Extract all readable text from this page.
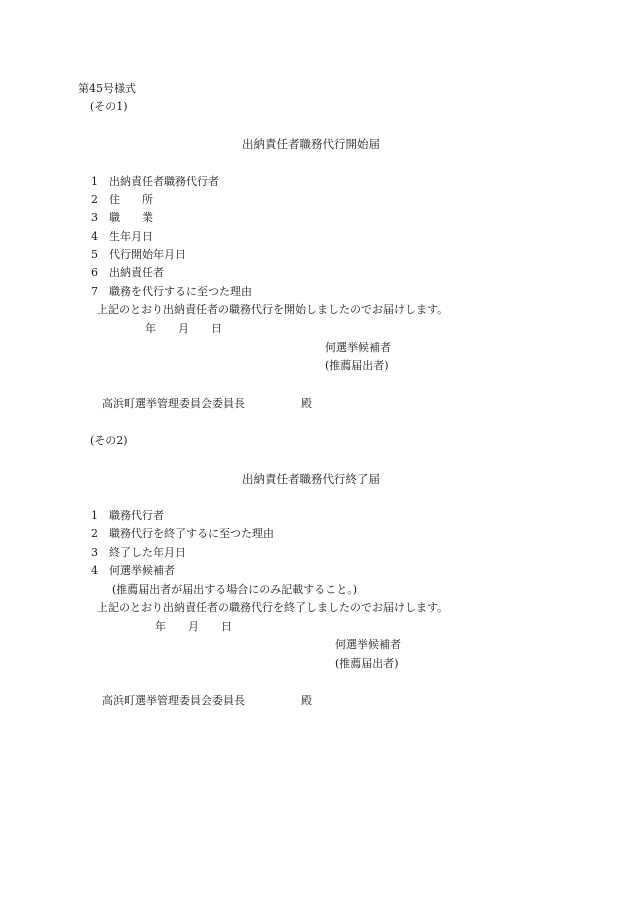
第45号様式

(その1)

出納責任者職務代行開始届

1 出納責任者職務代行者

2 住　　所

3 職　　業

4 生年月日

5 代行開始年月日

6 出納責任者

7 職務を代行するに至つた理由

上記のとおり出納責任者の職務代行を開始しましたのでお届けします。

年　　月　　日

何選挙候補者

(推薦届出者)

高浜町選挙管理委員会委員長	殿

(その2)

出納責任者職務代行終了届

1 職務代行者

2 職務代行を終了するに至つた理由

3 終了した年月日

4 何選挙候補者

(推薦届出者が届出する場合にのみ記載すること。)

上記のとおり出納責任者の職務代行を終了しましたのでお届けします。

年　　月　　日

何選挙候補者

(推薦届出者)

高浜町選挙管理委員会委員長	殿
